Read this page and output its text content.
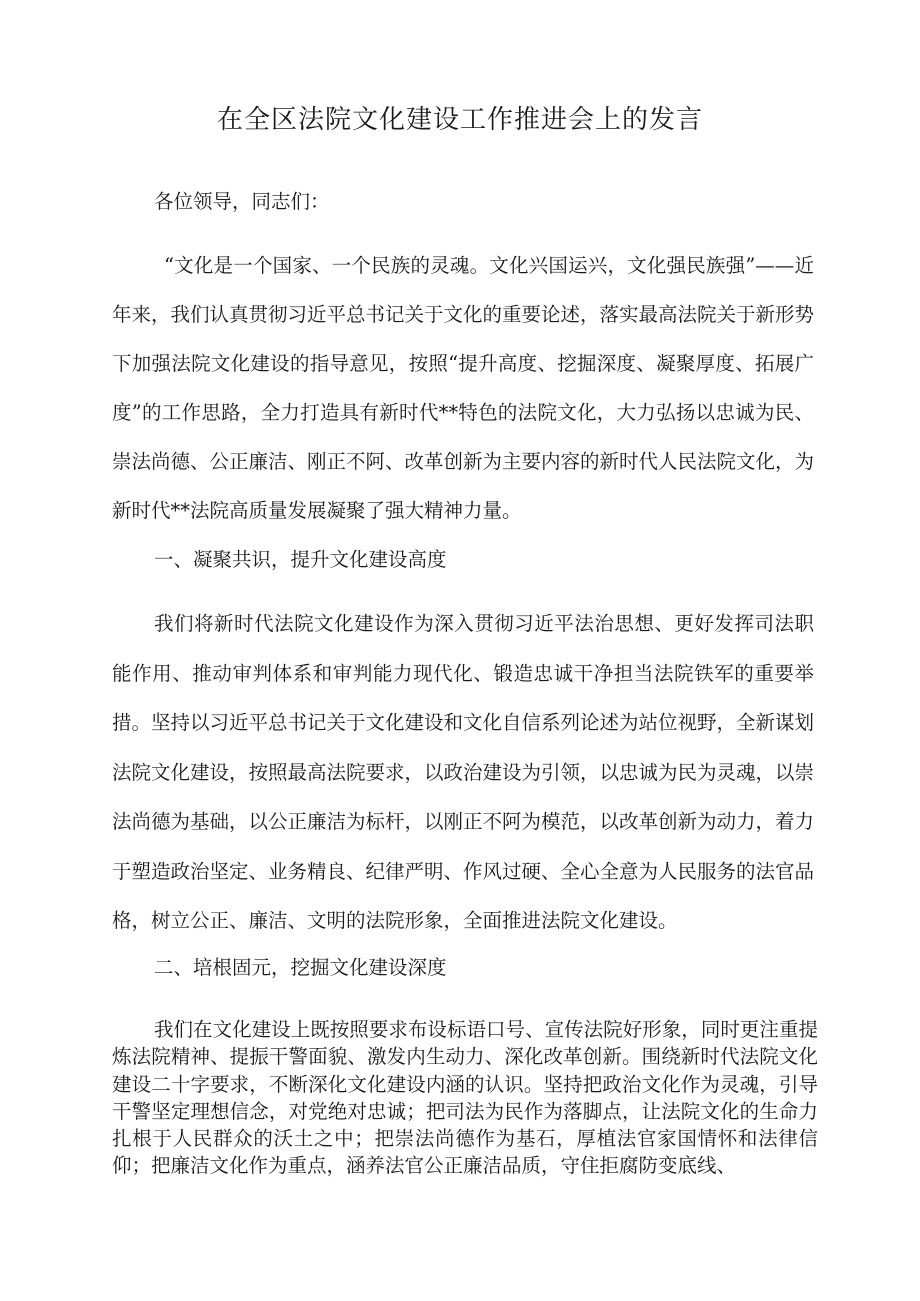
在全区法院文化建设工作推进会上的发言

各位领导，同志们：

“文化是一个国家、一个民族的灵魂。文化兴国运兴，文化强民族强”——近年来，我们认真贯彻习近平总书记关于文化的重要论述，落实最高法院关于新形势下加强法院文化建设的指导意见，按照“提升高度、挖掘深度、凝聚厚度、拓展广度”的工作思路，全力打造具有新时代**特色的法院文化，大力弘扬以忠诚为民、崇法尚德、公正廉洁、刚正不阿、改革创新为主要内容的新时代人民法院文化，为新时代**法院高质量发展凝聚了强大精神力量。

一、凝聚共识，提升文化建设高度

我们将新时代法院文化建设作为深入贯彻习近平法治思想、更好发挥司法职能作用、推动审判体系和审判能力现代化、锻造忠诚干净担当法院铁军的重要举措。坚持以习近平总书记关于文化建设和文化自信系列论述为站位视野，全新谋划法院文化建设，按照最高法院要求，以政治建设为引领，以忠诚为民为灵魂，以崇法尚德为基础，以公正廉洁为标杆，以刚正不阿为模范，以改革创新为动力，着力于塑造政治坚定、业务精良、纪律严明、作风过硬、全心全意为人民服务的法官品格，树立公正、廉洁、文明的法院形象，全面推进法院文化建设。

二、培根固元，挖掘文化建设深度

我们在文化建设上既按照要求布设标语口号、宣传法院好形象，同时更注重提炼法院精神、提振干警面貌、激发内生动力、深化改革创新。围绕新时代法院文化建设二十字要求，不断深化文化建设内涵的认识。坚持把政治文化作为灵魂，引导干警坚定理想信念，对党绝对忠诚；把司法为民作为落脚点，让法院文化的生命力扎根于人民群众的沃土之中；把崇法尚德作为基石，厚植法官家国情怀和法律信仰；把廉洁文化作为重点，涵养法官公正廉洁品质，守住拒腐防变底线、
